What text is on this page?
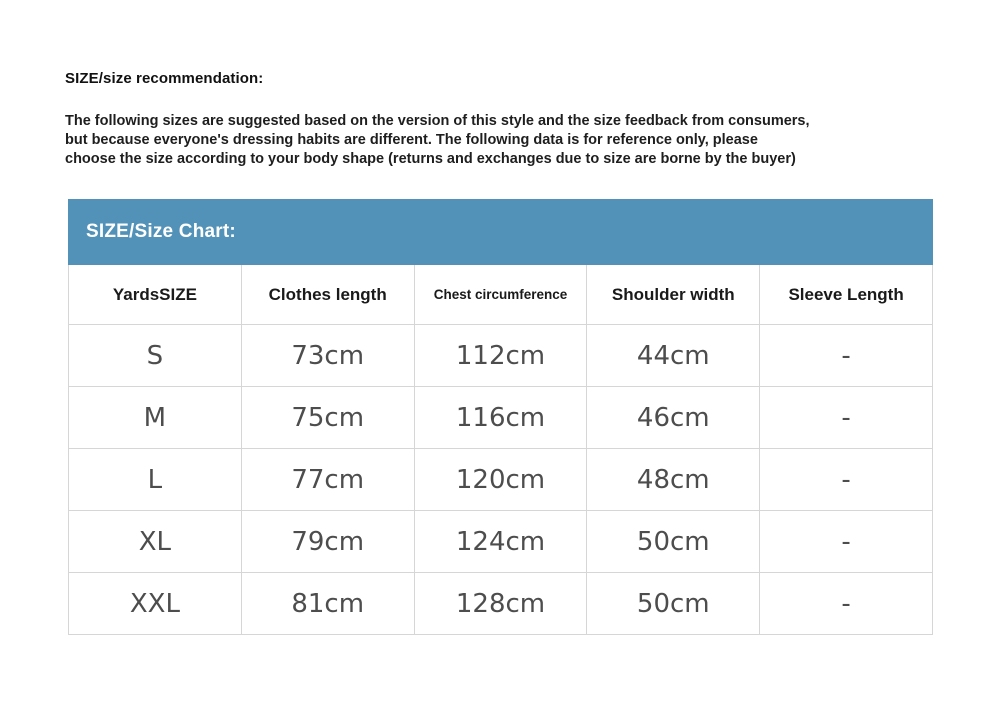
SIZE/size recommendation:
The following sizes are suggested based on the version of this style and the size feedback from consumers,
but because everyone's dressing habits are different. The following data is for reference only, please
choose the size according to your body shape (returns and exchanges due to size are borne by the buyer)
SIZE/Size Chart:
YardsSIZE	Clothes length	Chest circumference	Shoulder width	Sleeve Length
S	73cm	112cm	44cm	-
M	75cm	116cm	46cm	-
L	77cm	120cm	48cm	-
XL	79cm	124cm	50cm	-
XXL	81cm	128cm	50cm	-
